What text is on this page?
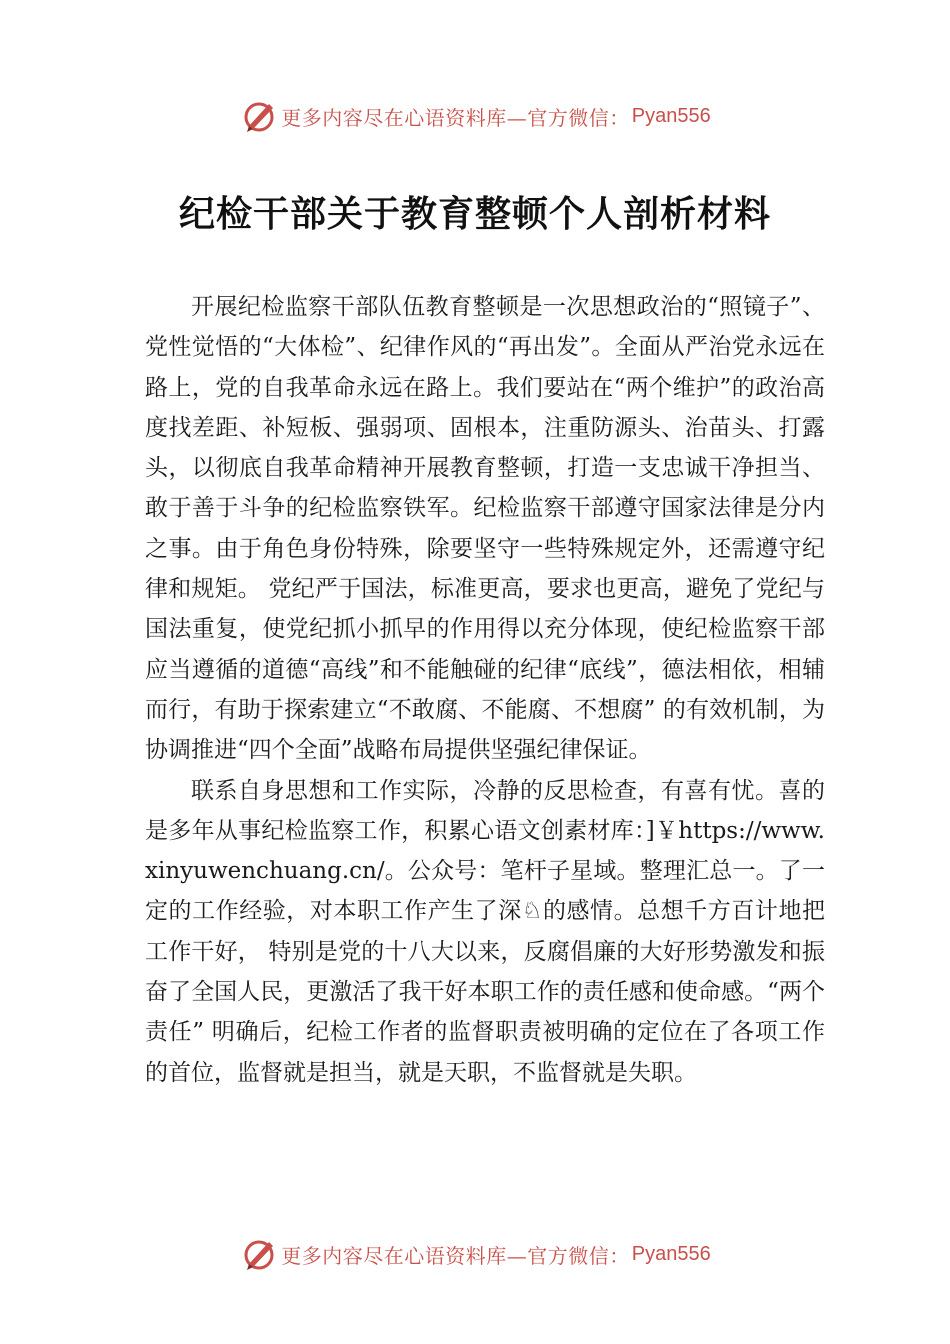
更多内容尽在心语资料库—官方微信： Pyan556
纪检干部关于教育整顿个人剖析材料

开展纪检监察干部队伍教育整顿是一次思想政治的“照镜子”、党性觉悟的“大体检”、纪律作风的“再出发”。全面从严治党永远在路上，党的自我革命永远在路上。我们要站在“两个维护”的政治高度找差距、补短板、强弱项、固根本，注重防源头、治苗头、打露头，以彻底自我革命精神开展教育整顿，打造一支忠诚干净担当、敢于善于斗争的纪检监察铁军。纪检监察干部遵守国家法律是分内之事。由于角色身份特殊，除要坚守一些特殊规定外，还需遵守纪律和规矩。 党纪严于国法，标准更高，要求也更高，避免了党纪与国法重复，使党纪抓小抓早的作用得以充分体现，使纪检监察干部应当遵循的道德“高线”和不能触碰的纪律“底线”，德法相依，相辅而行，有助于探索建立“不敢腐、不能腐、不想腐” 的有效机制，为协调推进“四个全面”战略布局提供坚强纪律保证。

联系自身思想和工作实际，冷静的反思检查，有喜有忧。喜的是多年从事纪检监察工作，积累心语文创素材库：]￥https://www.xinyuwenchuang.cn/。公众号：笔杆子星域。整理汇总一。了一定的工作经验，对本职工作产生了深♘的感情。总想千方百计地把工作干好， 特别是党的十八大以来，反腐倡廉的大好形势激发和振奋了全国人民，更激活了我干好本职工作的责任感和使命感。“两个责任” 明确后，纪检工作者的监督职责被明确的定位在了各项工作的首位，监督就是担当，就是天职，不监督就是失职。

更多内容尽在心语资料库—官方微信： Pyan556
